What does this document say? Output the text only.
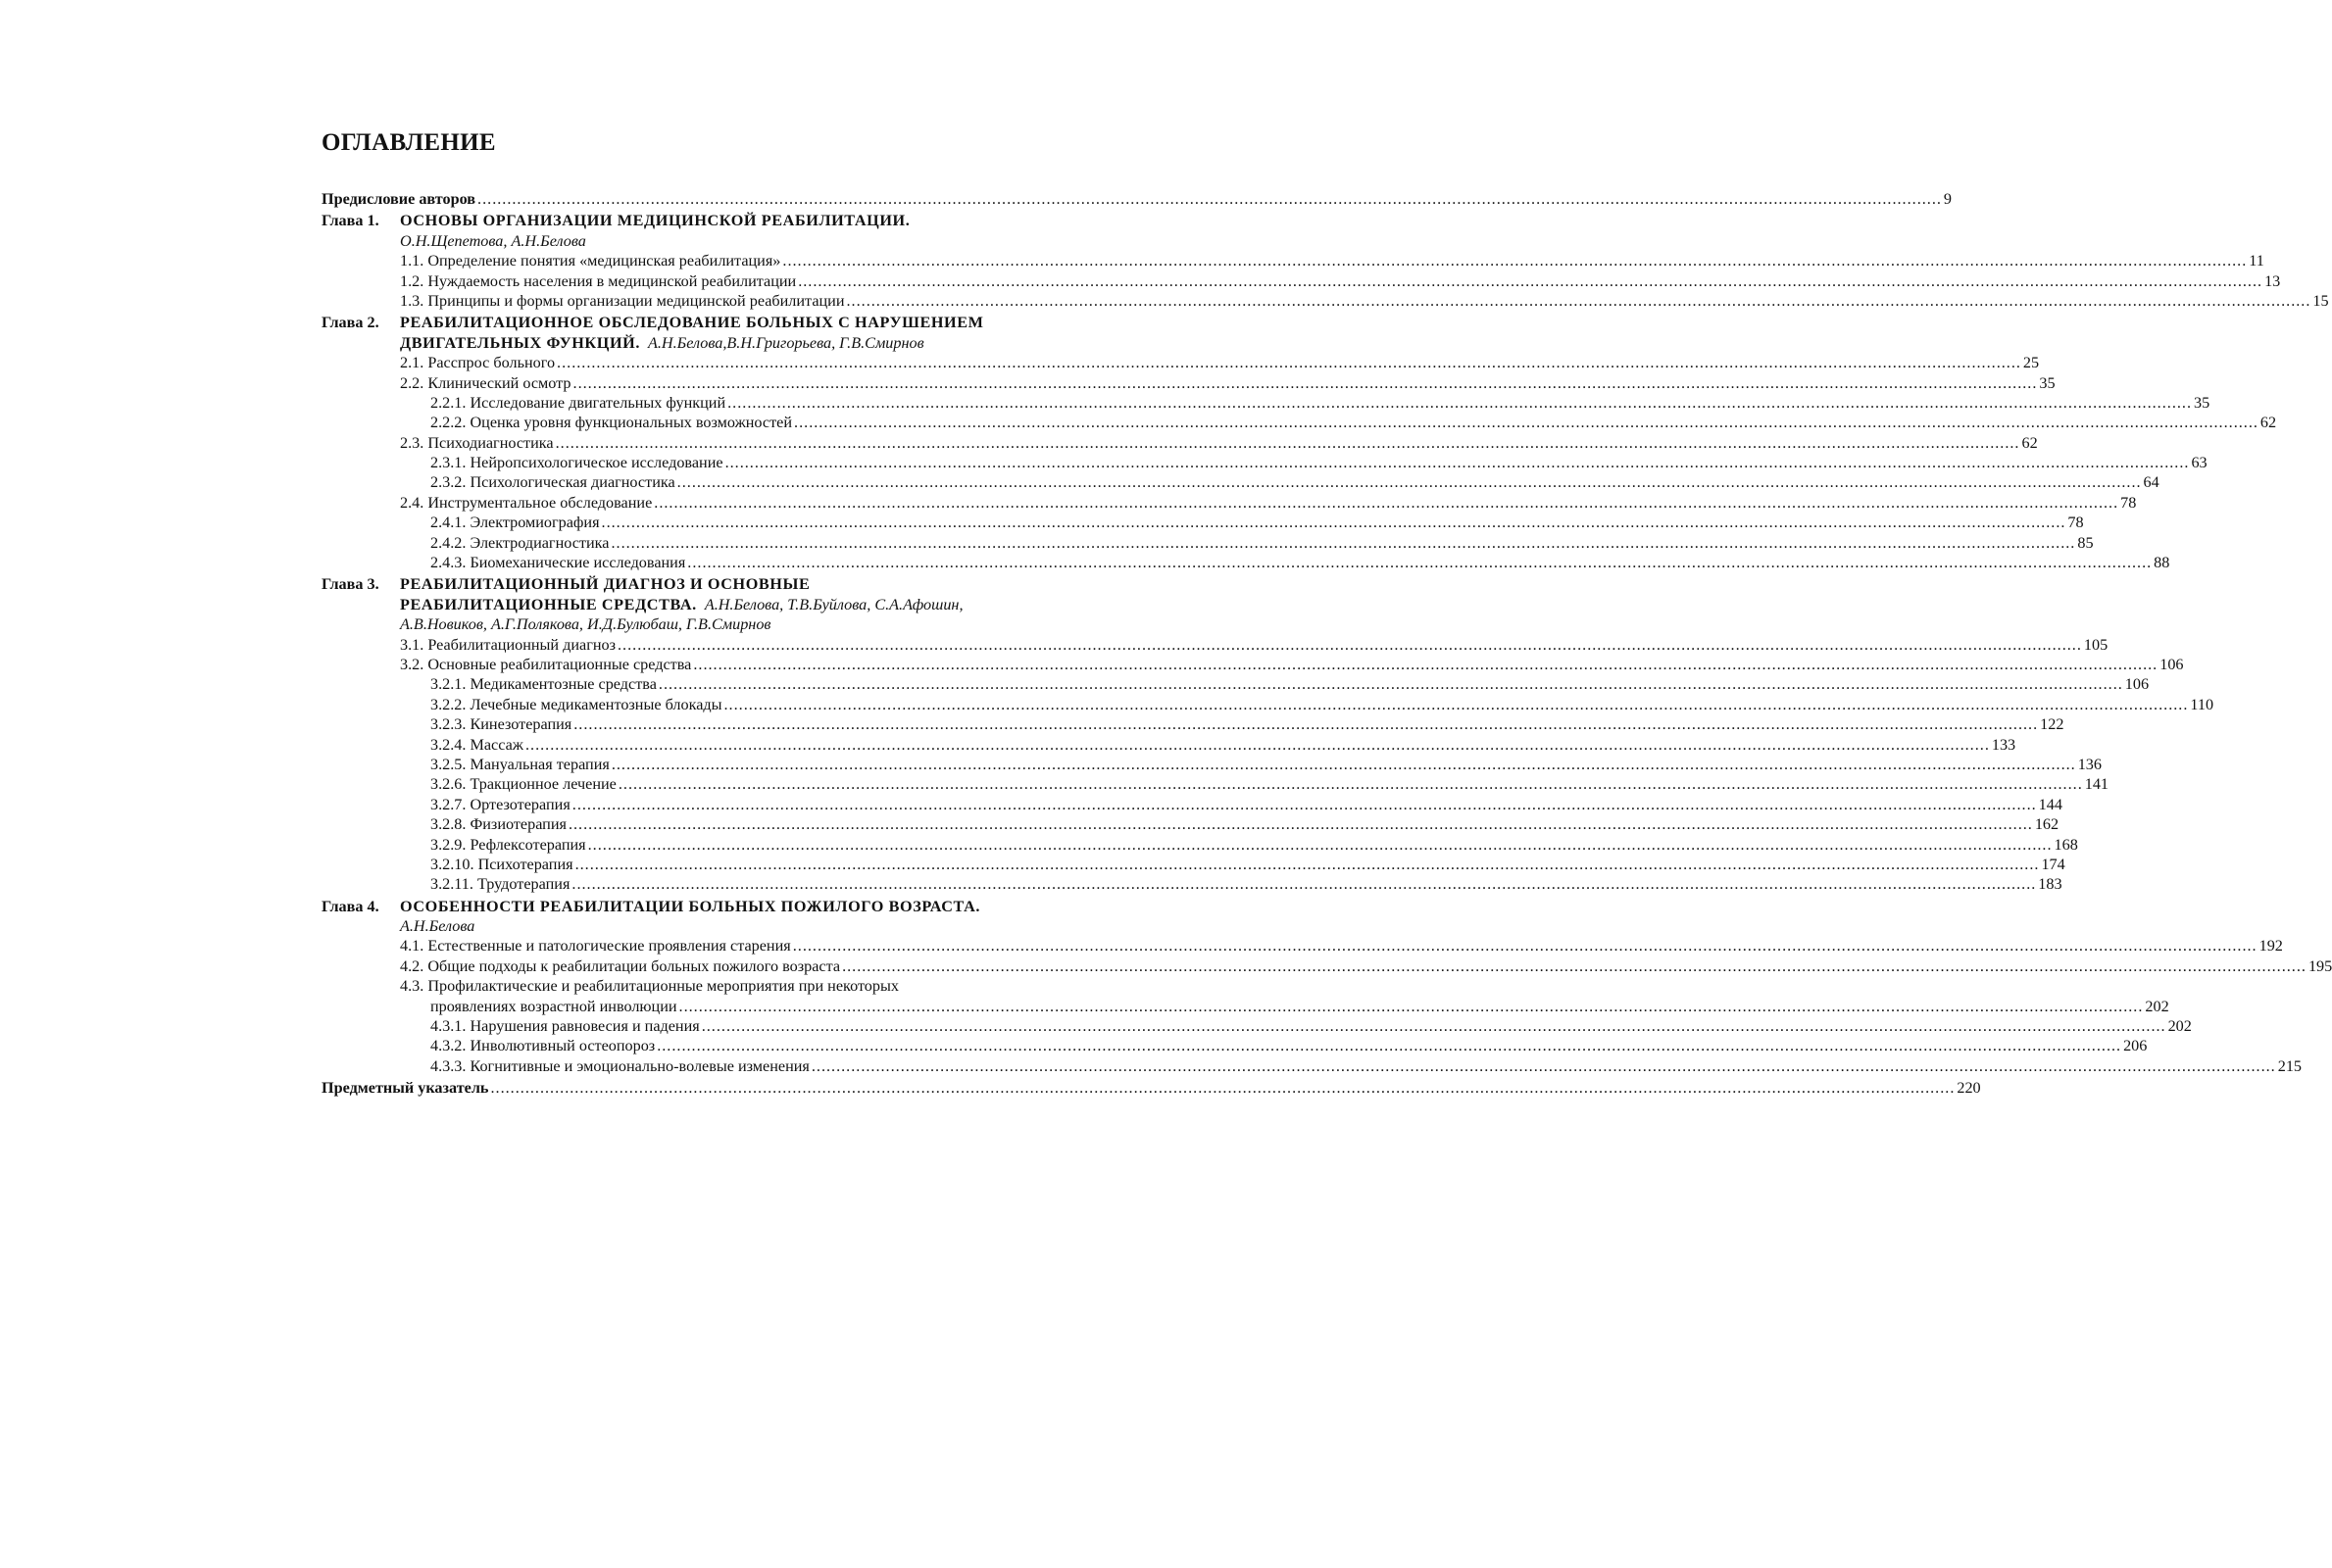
ОГЛАВЛЕНИЕ
Предисловие авторов .....	9
Глава 1.	ОСНОВЫ ОРГАНИЗАЦИИ МЕДИЦИНСКОЙ РЕАБИЛИТАЦИИ.
О.Н.Щепетова, А.Н.Белова
1.1. Определение понятия «медицинская реабилитация» .....	11
1.2. Нуждаемость населения в медицинской реабилитации .....	13
1.3. Принципы и формы организации медицинской реабилитации .....	15
Глава 2.	РЕАБИЛИТАЦИОННОЕ ОБСЛЕДОВАНИЕ БОЛЬНЫХ С НАРУШЕНИЕМ
ДВИГАТЕЛЬНЫХ ФУНКЦИЙ. А.Н.Белова,В.Н.Григорьева, Г.В.Смирнов
2.1. Расспрос больного .....	25
2.2. Клинический осмотр .....	35
2.2.1. Исследование двигательных функций .....	35
2.2.2. Оценка уровня функциональных возможностей .....	62
2.3. Психодиагностика .....	62
2.3.1. Нейропсихологическое исследование .....	63
2.3.2. Психологическая диагностика .....	64
2.4. Инструментальное обследование .....	78
2.4.1. Электромиография .....	78
2.4.2. Электродиагностика .....	85
2.4.3. Биомеханические исследования .....	88
Глава 3.	РЕАБИЛИТАЦИОННЫЙ ДИАГНОЗ И ОСНОВНЫЕ
РЕАБИЛИТАЦИОННЫЕ СРЕДСТВА. А.Н.Белова, Т.В.Буйлова, С.А.Афошин,
А.В.Новиков, А.Г.Полякова, И.Д.Булюбаш, Г.В.Смирнов
3.1. Реабилитационный диагноз .....	105
3.2. Основные реабилитационные средства .....	106
3.2.1. Медикаментозные средства .....	106
3.2.2. Лечебные медикаментозные блокады .....	110
3.2.3. Кинезотерапия .....	122
3.2.4. Массаж .....	133
3.2.5. Мануальная терапия .....	136
3.2.6. Тракционное лечение .....	141
3.2.7. Ортезотерапия .....	144
3.2.8. Физиотерапия .....	162
3.2.9. Рефлексотерапия .....	168
3.2.10. Психотерапия .....	174
3.2.11. Трудотерапия .....	183
Глава 4.	ОСОБЕННОСТИ РЕАБИЛИТАЦИИ БОЛЬНЫХ ПОЖИЛОГО ВОЗРАСТА.
А.Н.Белова
4.1. Естественные и патологические проявления старения .....	192
4.2. Общие подходы к реабилитации больных пожилого возраста .....	195
4.3. Профилактические и реабилитационные мероприятия при некоторых
проявлениях возрастной инволюции .....	202
4.3.1. Нарушения равновесия и падения .....	202
4.3.2. Инволютивный остеопороз .....	206
4.3.3. Когнитивные и эмоционально-волевые изменения .....	215
Предметный указатель .....	220
